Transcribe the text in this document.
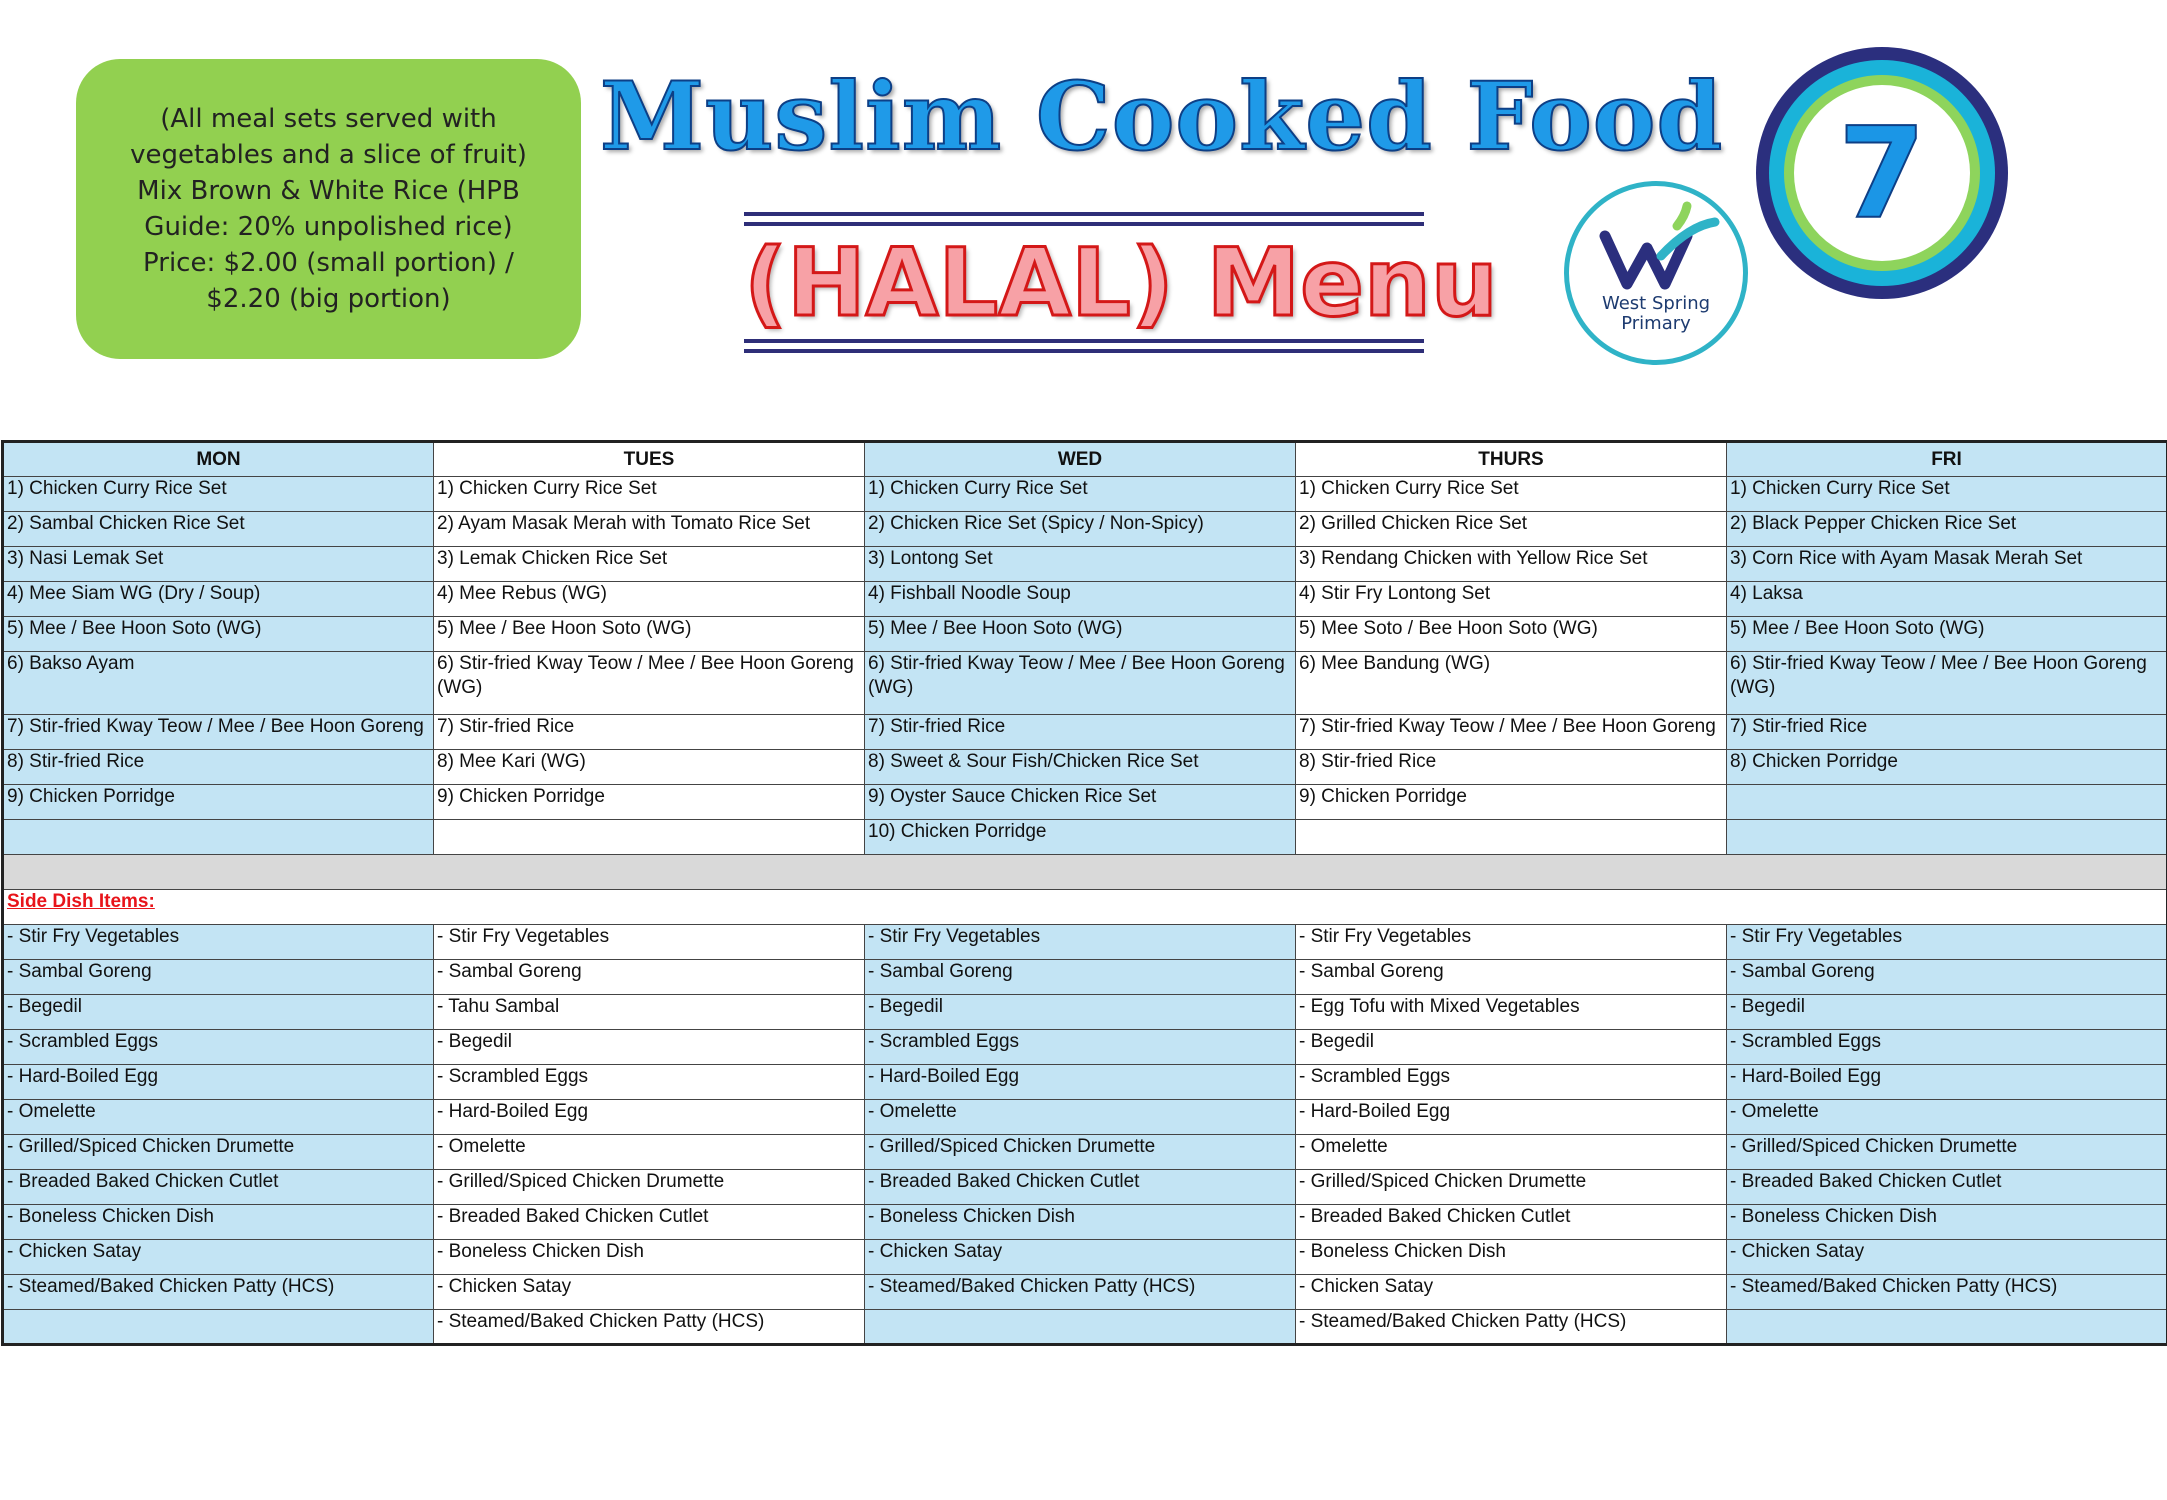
(All meal sets served with
vegetables and a slice of fruit)
Mix Brown & White Rice (HPB
Guide: 20% unpolished rice)
Price: $2.00 (small portion) /
$2.20 (big portion)
Muslim Cooked Food
(HALAL) Menu	West Spring
Primary
7
MON	TUES	WED	THURS	FRI
1) Chicken Curry Rice Set	1) Chicken Curry Rice Set	1) Chicken Curry Rice Set	1) Chicken Curry Rice Set	1) Chicken Curry Rice Set
2) Sambal Chicken Rice Set	2) Ayam Masak Merah with Tomato Rice Set	2) Chicken Rice Set (Spicy / Non-Spicy)	2) Grilled Chicken Rice Set	2) Black Pepper Chicken Rice Set
3) Nasi Lemak Set	3) Lemak Chicken Rice Set	3) Lontong Set	3) Rendang Chicken with Yellow Rice Set	3) Corn Rice with Ayam Masak Merah Set
4) Mee Siam WG (Dry / Soup)	4) Mee Rebus (WG)	4) Fishball Noodle Soup	4) Stir Fry Lontong Set	4) Laksa
5) Mee / Bee Hoon Soto (WG)	5) Mee / Bee Hoon Soto (WG)	5) Mee / Bee Hoon Soto (WG)	5) Mee Soto / Bee Hoon Soto (WG)	5) Mee / Bee Hoon Soto (WG)
6) Bakso Ayam	6) Stir-fried Kway Teow / Mee / Bee Hoon Goreng (WG)	6) Stir-fried Kway Teow / Mee / Bee Hoon Goreng (WG)	6) Mee Bandung (WG)	6) Stir-fried Kway Teow / Mee / Bee Hoon Goreng (WG)
7) Stir-fried Kway Teow / Mee / Bee Hoon Goreng	7) Stir-fried Rice	7) Stir-fried Rice	7) Stir-fried Kway Teow / Mee / Bee Hoon Goreng	7) Stir-fried Rice
8) Stir-fried Rice	8) Mee Kari (WG)	8) Sweet & Sour Fish/Chicken Rice Set	8) Stir-fried Rice	8) Chicken Porridge
9) Chicken Porridge	9) Chicken Porridge	9) Oyster Sauce Chicken Rice Set	9) Chicken Porridge	
		10) Chicken Porridge		

Side Dish Items:				
- Stir Fry Vegetables	- Stir Fry Vegetables	- Stir Fry Vegetables	- Stir Fry Vegetables	- Stir Fry Vegetables
- Sambal Goreng	- Sambal Goreng	- Sambal Goreng	- Sambal Goreng	- Sambal Goreng
- Begedil	- Tahu Sambal	- Begedil	- Egg Tofu with Mixed Vegetables	- Begedil
- Scrambled Eggs	- Begedil	- Scrambled Eggs	- Begedil	- Scrambled Eggs
- Hard-Boiled Egg	- Scrambled Eggs	- Hard-Boiled Egg	- Scrambled Eggs	- Hard-Boiled Egg
- Omelette	- Hard-Boiled Egg	- Omelette	- Hard-Boiled Egg	- Omelette
- Grilled/Spiced Chicken Drumette	- Omelette	- Grilled/Spiced Chicken Drumette	- Omelette	- Grilled/Spiced Chicken Drumette
- Breaded Baked Chicken Cutlet	- Grilled/Spiced Chicken Drumette	- Breaded Baked Chicken Cutlet	- Grilled/Spiced Chicken Drumette	- Breaded Baked Chicken Cutlet
- Boneless Chicken Dish	- Breaded Baked Chicken Cutlet	- Boneless Chicken Dish	- Breaded Baked Chicken Cutlet	- Boneless Chicken Dish
- Chicken Satay	- Boneless Chicken Dish	- Chicken Satay	- Boneless Chicken Dish	- Chicken Satay
- Steamed/Baked Chicken Patty (HCS)	- Chicken Satay	- Steamed/Baked Chicken Patty (HCS)	- Chicken Satay	- Steamed/Baked Chicken Patty (HCS)
	- Steamed/Baked Chicken Patty (HCS)		- Steamed/Baked Chicken Patty (HCS)	
